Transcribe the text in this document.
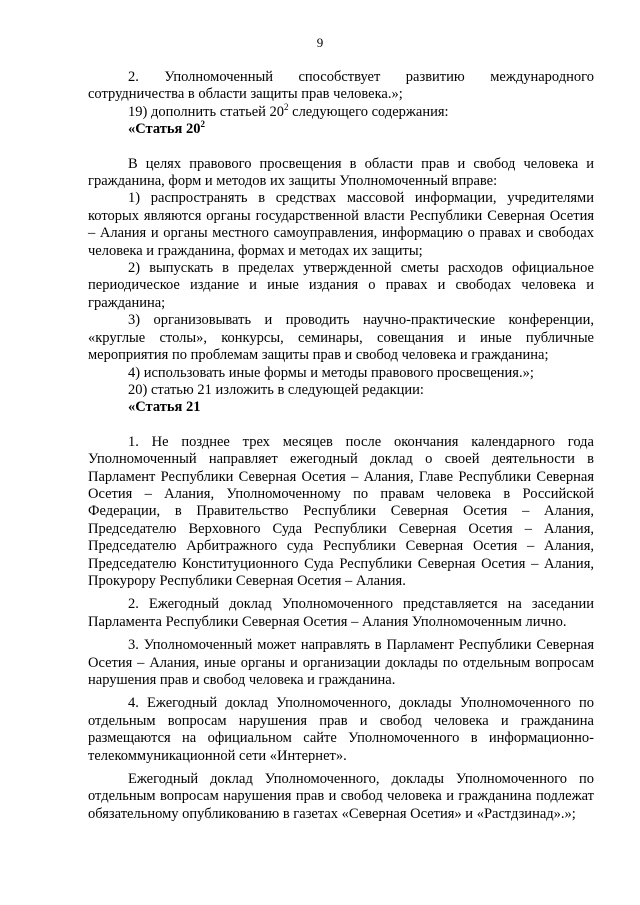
9

2. Уполномоченный способствует развитию международного сотрудничества в области защиты прав человека.»;

19) дополнить статьей $20^2$ следующего содержания:

«Статья $20^2$

В целях правового просвещения в области прав и свобод человека и гражданина, форм и методов их защиты Уполномоченный вправе:

1) распространять в средствах массовой информации, учредителями которых являются органы государственной власти Республики Северная Осетия – Алания и органы местного самоуправления, информацию о правах и свободах человека и гражданина, формах и методах их защиты;

2) выпускать в пределах утвержденной сметы расходов официальное периодическое издание и иные издания о правах и свободах человека и гражданина;

3) организовывать и проводить научно-практические конференции, «круглые столы», конкурсы, семинары, совещания и иные публичные мероприятия по проблемам защиты прав и свобод человека и гражданина;

4) использовать иные формы и методы правового просвещения.»;

20) статью 21 изложить в следующей редакции:

«Статья 21

1. Не позднее трех месяцев после окончания календарного года Уполномоченный направляет ежегодный доклад о своей деятельности в Парламент Республики Северная Осетия – Алания, Главе Республики Северная Осетия – Алания, Уполномоченному по правам человека в Российской Федерации, в Правительство Республики Северная Осетия – Алания, Председателю Верховного Суда Республики Северная Осетия – Алания, Председателю Арбитражного суда Республики Северная Осетия – Алания, Председателю Конституционного Суда Республики Северная Осетия – Алания, Прокурору Республики Северная Осетия – Алания.

2. Ежегодный доклад Уполномоченного представляется на заседании Парламента Республики Северная Осетия – Алания Уполномоченным лично.

3. Уполномоченный может направлять в Парламент Республики Северная Осетия – Алания, иные органы и организации доклады по отдельным вопросам нарушения прав и свобод человека и гражданина.

4. Ежегодный доклад Уполномоченного, доклады Уполномоченного по отдельным вопросам нарушения прав и свобод человека и гражданина размещаются на официальном сайте Уполномоченного в информационно-телекоммуникационной сети «Интернет».

Ежегодный доклад Уполномоченного, доклады Уполномоченного по отдельным вопросам нарушения прав и свобод человека и гражданина подлежат обязательному опубликованию в газетах «Северная Осетия» и «Растдзинад».»;
